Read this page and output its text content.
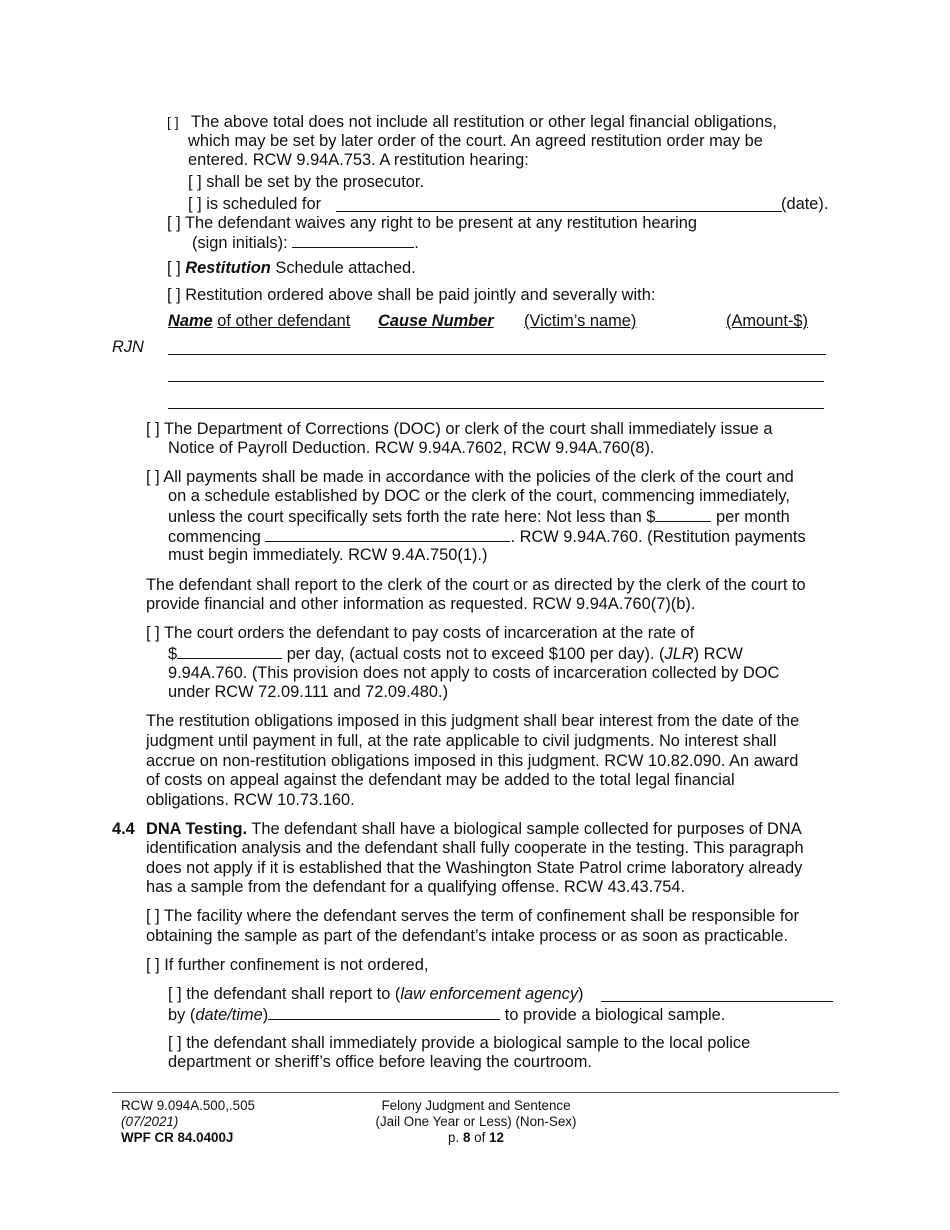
[ ] The above total does not include all restitution or other legal financial obligations,
which may be set by later order of the court. An agreed restitution order may be
entered. RCW 9.94A.753. A restitution hearing:
[ ] shall be set by the prosecutor.
[ ] is scheduled for	(date).
[ ] The defendant waives any right to be present at any restitution hearing
(sign initials):	.
[ ] Restitution Schedule attached.
[ ] Restitution ordered above shall be paid jointly and severally with:
Name of other defendant Cause Number (Victim’s name)	(Amount-$)
RJN
[ ] The Department of Corrections (DOC) or clerk of the court shall immediately issue a
Notice of Payroll Deduction. RCW 9.94A.7602, RCW 9.94A.760(8).
[ ] All payments shall be made in accordance with the policies of the clerk of the court and
on a schedule established by DOC or the clerk of the court, commencing immediately,
unless the court specifically sets forth the rate here: Not less than $	per month
commencing	. RCW 9.94A.760. (Restitution payments
must begin immediately. RCW 9.4A.750(1).)
The defendant shall report to the clerk of the court or as directed by the clerk of the court to
provide financial and other information as requested. RCW 9.94A.760(7)(b).
[ ] The court orders the defendant to pay costs of incarceration at the rate of
$	per day, (actual costs not to exceed $100 per day). (JLR) RCW
9.94A.760. (This provision does not apply to costs of incarceration collected by DOC
under RCW 72.09.111 and 72.09.480.)
The restitution obligations imposed in this judgment shall bear interest from the date of the
judgment until payment in full, at the rate applicable to civil judgments. No interest shall
accrue on non-restitution obligations imposed in this judgment. RCW 10.82.090. An award
of costs on appeal against the defendant may be added to the total legal financial
obligations. RCW 10.73.160.
4.4 DNA Testing. The defendant shall have a biological sample collected for purposes of DNA
identification analysis and the defendant shall fully cooperate in the testing. This paragraph
does not apply if it is established that the Washington State Patrol crime laboratory already
has a sample from the defendant for a qualifying offense. RCW 43.43.754.
[ ] The facility where the defendant serves the term of confinement shall be responsible for
obtaining the sample as part of the defendant’s intake process or as soon as practicable.
[ ] If further confinement is not ordered,
[ ] the defendant shall report to (law enforcement agency)
by (date/time)	to provide a biological sample.
[ ] the defendant shall immediately provide a biological sample to the local police
department or sheriff’s office before leaving the courtroom.
RCW 9.094A.500,.505
(07/2021)
WPF CR 84.0400J
Felony Judgment and Sentence
(Jail One Year or Less) (Non-Sex)
p. 8 of 12
